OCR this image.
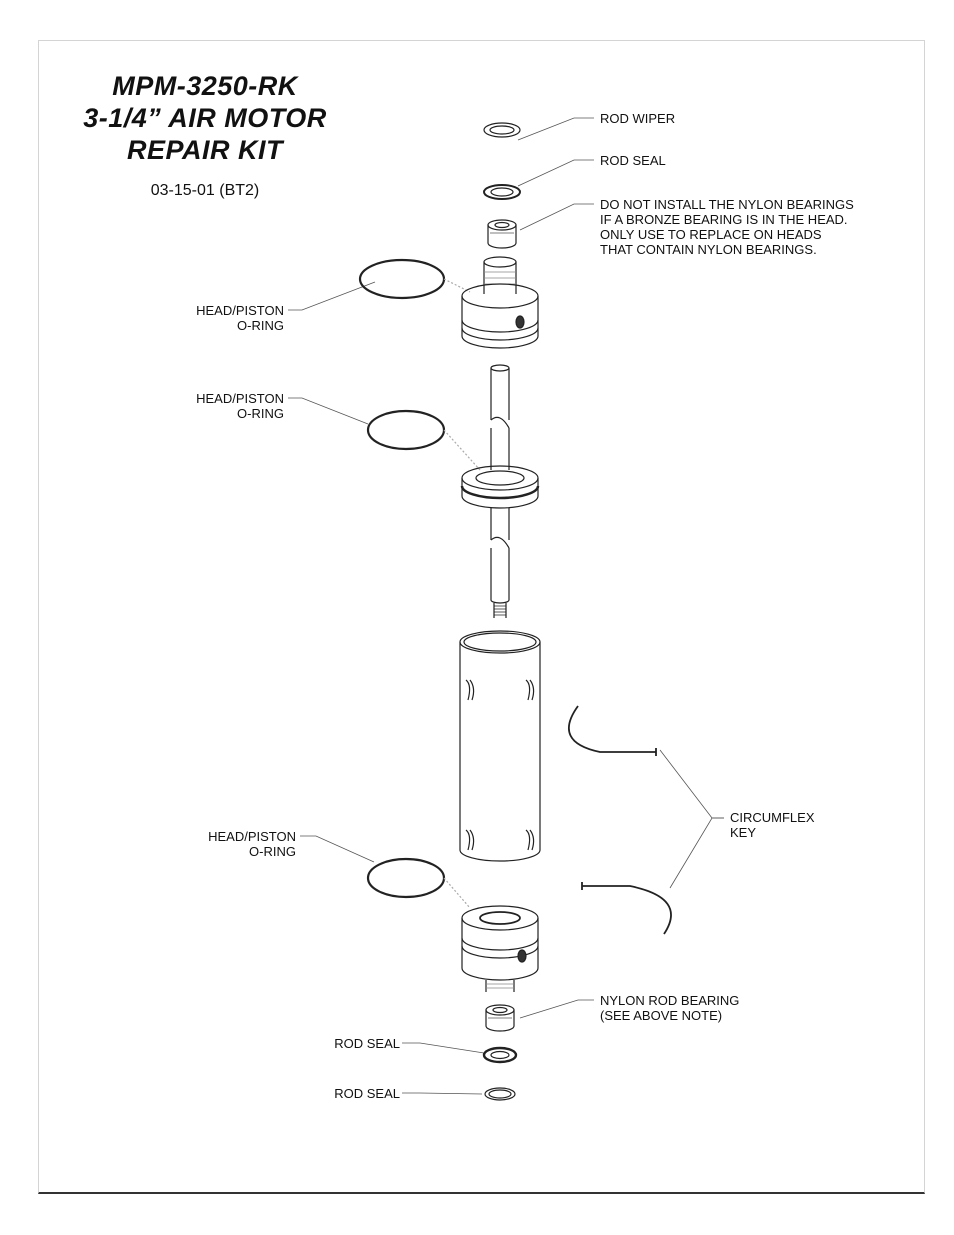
MPM-3250-RK
3-1/4” AIR MOTOR
REPAIR KIT
03-15-01 (BT2)
ROD WIPER
ROD SEAL
DO NOT INSTALL THE NYLON BEARINGS
IF A BRONZE BEARING IS IN THE HEAD.
ONLY USE TO REPLACE ON HEADS
THAT CONTAIN NYLON BEARINGS.
HEAD/PISTON
O-RING
HEAD/PISTON
O-RING
HEAD/PISTON
O-RING
CIRCUMFLEX
KEY
NYLON ROD BEARING
(SEE ABOVE NOTE)
ROD SEAL
ROD SEAL
